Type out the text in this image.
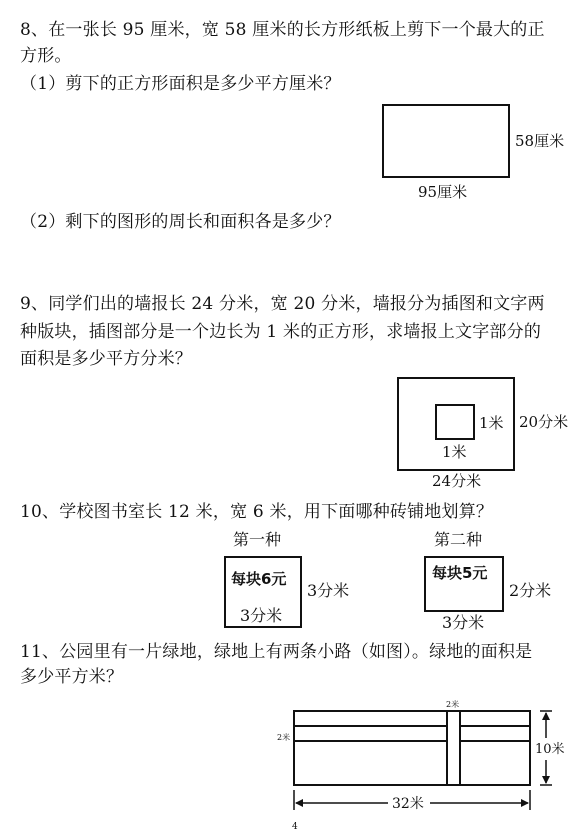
8、在一张长 95 厘米，宽 58 厘米的长方形纸板上剪下一个最大的正
方形。
（1）剪下的正方形面积是多少平方厘米？
58厘米
95厘米
（2）剩下的图形的周长和面积各是多少？
9、同学们出的墙报长 24 分米，宽 20 分米，墙报分为插图和文字两
种版块，插图部分是一个边长为 1 米的正方形，求墙报上文字部分的
面积是多少平方分米？
1米
1米
20分米
24分米
10、学校图书室长 12 米，宽 6 米，用下面哪种砖铺地划算？
第一种
每块6元
3分米
3分米
第二种
每块5元
2分米
3分米
11、公园里有一片绿地，绿地上有两条小路（如图）。绿地的面积是
多少平方米？
2米
2米
10米
32米
4
